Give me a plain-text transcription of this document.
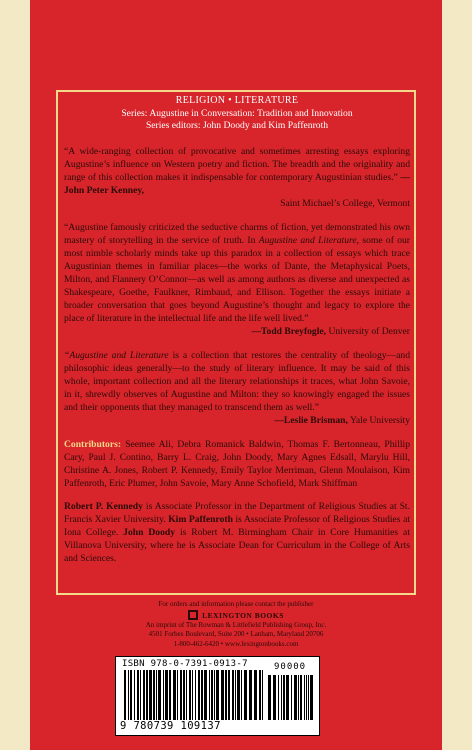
RELIGION • LITERATURE
Series: Augustine in Conversation: Tradition and Innovation
Series editors: John Doody and Kim Paffenroth
“A wide-ranging collection of provocative and sometimes arresting essays exploring Augustine’s influence on Western poetry and fiction. The breadth and the originality and range of this collection makes it indispensable for contemporary Augustinian studies.” —John Peter Kenney,
Saint Michael’s College, Vermont
“Augustine famously criticized the seductive charms of fiction, yet demonstrated his own mastery of storytelling in the service of truth. In Augustine and Literature, some of our most nimble scholarly minds take up this paradox in a collection of essays which trace Augustinian themes in familiar places—the works of Dante, the Metaphysical Poets, Milton, and Flannery O’Connor—as well as among authors as diverse and unexpected as Shakespeare, Goethe, Faulkner, Rimbaud, and Ellison. Together the essays initiate a broader conversation that goes beyond Augustine’s thought and legacy to explore the place of literature in the intellectual life and the life well lived.”
—Todd Breyfogle, University of Denver
“Augustine and Literature is a collection that restores the centrality of theology—and philosophic ideas generally—to the study of literary influence. It may be said of this whole, important collection and all the literary relationships it traces, what John Savoie, in it, shrewdly observes of Augustine and Milton: they so knowingly engaged the issues and their opponents that they managed to transcend them as well.”
—Leslie Brisman, Yale University
Contributors: Seemee Ali, Debra Romanick Baldwin, Thomas F. Bertonneau, Phillip Cary, Paul J. Contino, Barry L. Craig, John Doody, Mary Agnes Edsall, Marylu Hill, Christine A. Jones, Robert P. Kennedy, Emily Taylor Merriman, Glenn Moulaison, Kim Paffenroth, Eric Plumer, John Savoie, Mary Anne Schofield, Mark Shiffman
Robert P. Kennedy is Associate Professor in the Department of Religious Studies at St. Francis Xavier University. Kim Paffenroth is Associate Professor of Religious Studies at Iona College. John Doody is Robert M. Birmingham Chair in Core Humanities at Villanova University, where he is Associate Dean for Curriculum in the College of Arts and Sciences.
For orders and information please contact the publisher
LEXINGTON BOOKS
An imprint of The Rowman & Littlefield Publishing Group, Inc.
4501 Forbes Boulevard, Suite 200 • Lanham, Maryland 20706
1-800-462-6420 • www.lexingtonbooks.com
ISBN 978-0-7391-0913-7	90000
9 780739 109137
